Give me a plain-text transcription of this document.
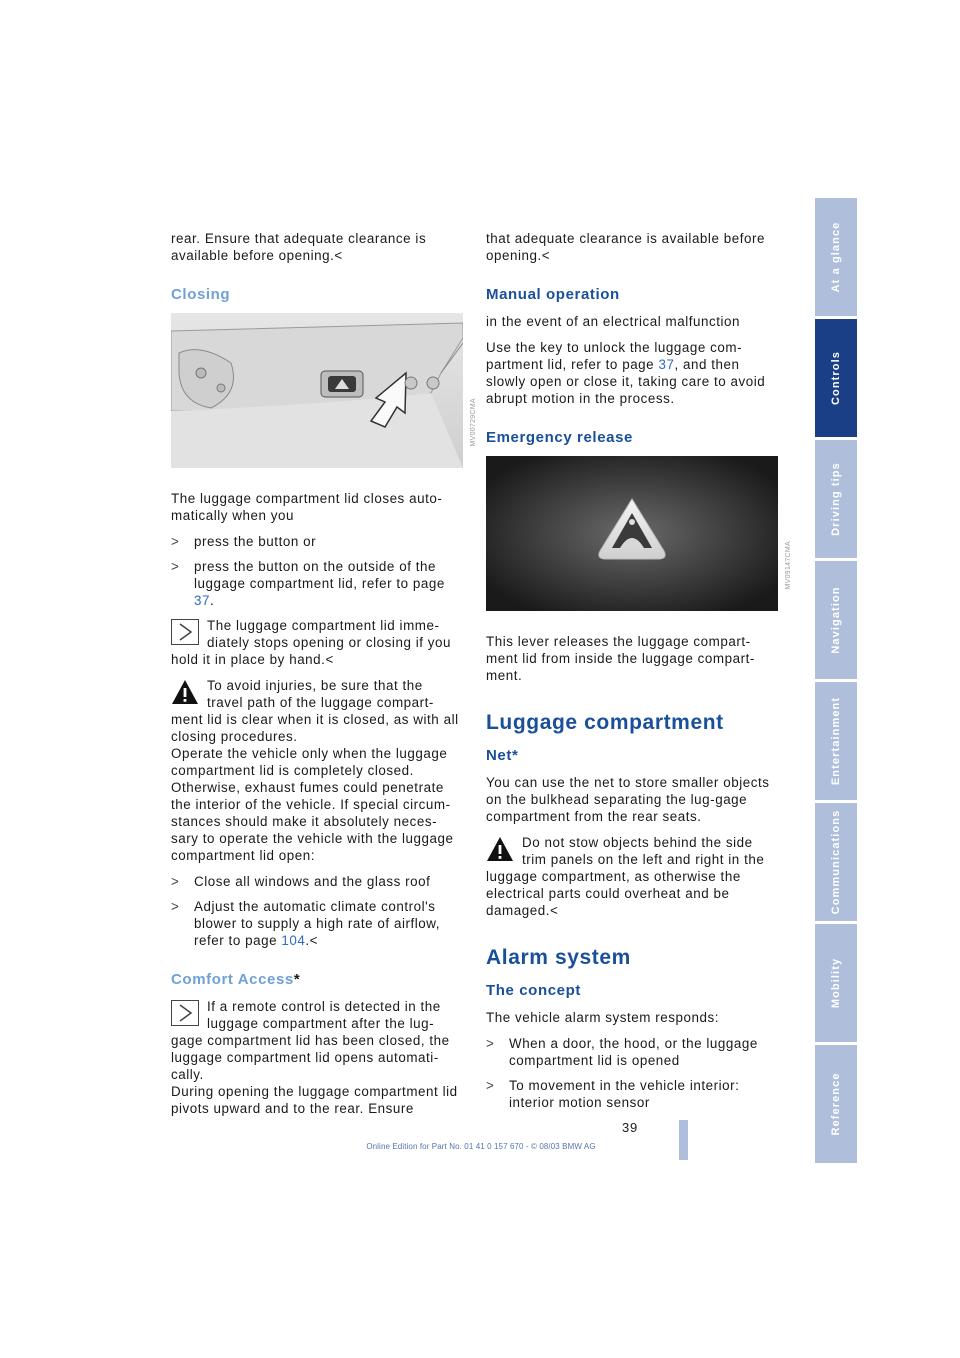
rear. Ensure that adequate clearance is available before opening.<

Closing
MV00729CMA

The luggage compartment lid closes auto-matically when you

> press the button or
> press the button on the outside of the luggage compartment lid, refer to page 37.
The luggage compartment lid imme-diately stops opening or closing if you hold it in place by hand.<
To avoid injuries, be sure that the travel path of the luggage compart-ment lid is clear when it is closed, as with all closing procedures.
Operate the vehicle only when the luggage compartment lid is completely closed. Otherwise, exhaust fumes could penetrate the interior of the vehicle. If special circum-stances should make it absolutely neces-sary to operate the vehicle with the luggage compartment lid open:
> Close all windows and the glass roof
> Adjust the automatic climate control's blower to supply a high rate of airflow, refer to page 104.<
Comfort Access*
If a remote control is detected in the luggage compartment after the lug-gage compartment lid has been closed, the luggage compartment lid opens automati-cally.
During opening the luggage compartment lid pivots upward and to the rear. Ensure

that adequate clearance is available before opening.<

Manual operation

in the event of an electrical malfunction

Use the key to unlock the luggage com-partment lid, refer to page 37, and then slowly open or close it, taking care to avoid abrupt motion in the process.

Emergency release
MV09147CMA

This lever releases the luggage compart-ment lid from inside the luggage compart-ment.

Luggage compartment
Net*

You can use the net to store smaller objects on the bulkhead separating the lug-gage compartment from the rear seats.

Do not stow objects behind the side trim panels on the left and right in the luggage compartment, as otherwise the electrical parts could overheat and be damaged.<
Alarm system
The concept

The vehicle alarm system responds:

> When a door, the hood, or the luggage compartment lid is opened
> To movement in the vehicle interior: interior motion sensor
At a glance
Controls
Driving tips
Navigation
Entertainment
Communications
Mobility
Reference
39
Online Edition for Part No. 01 41 0 157 670 - © 08/03 BMW AG
